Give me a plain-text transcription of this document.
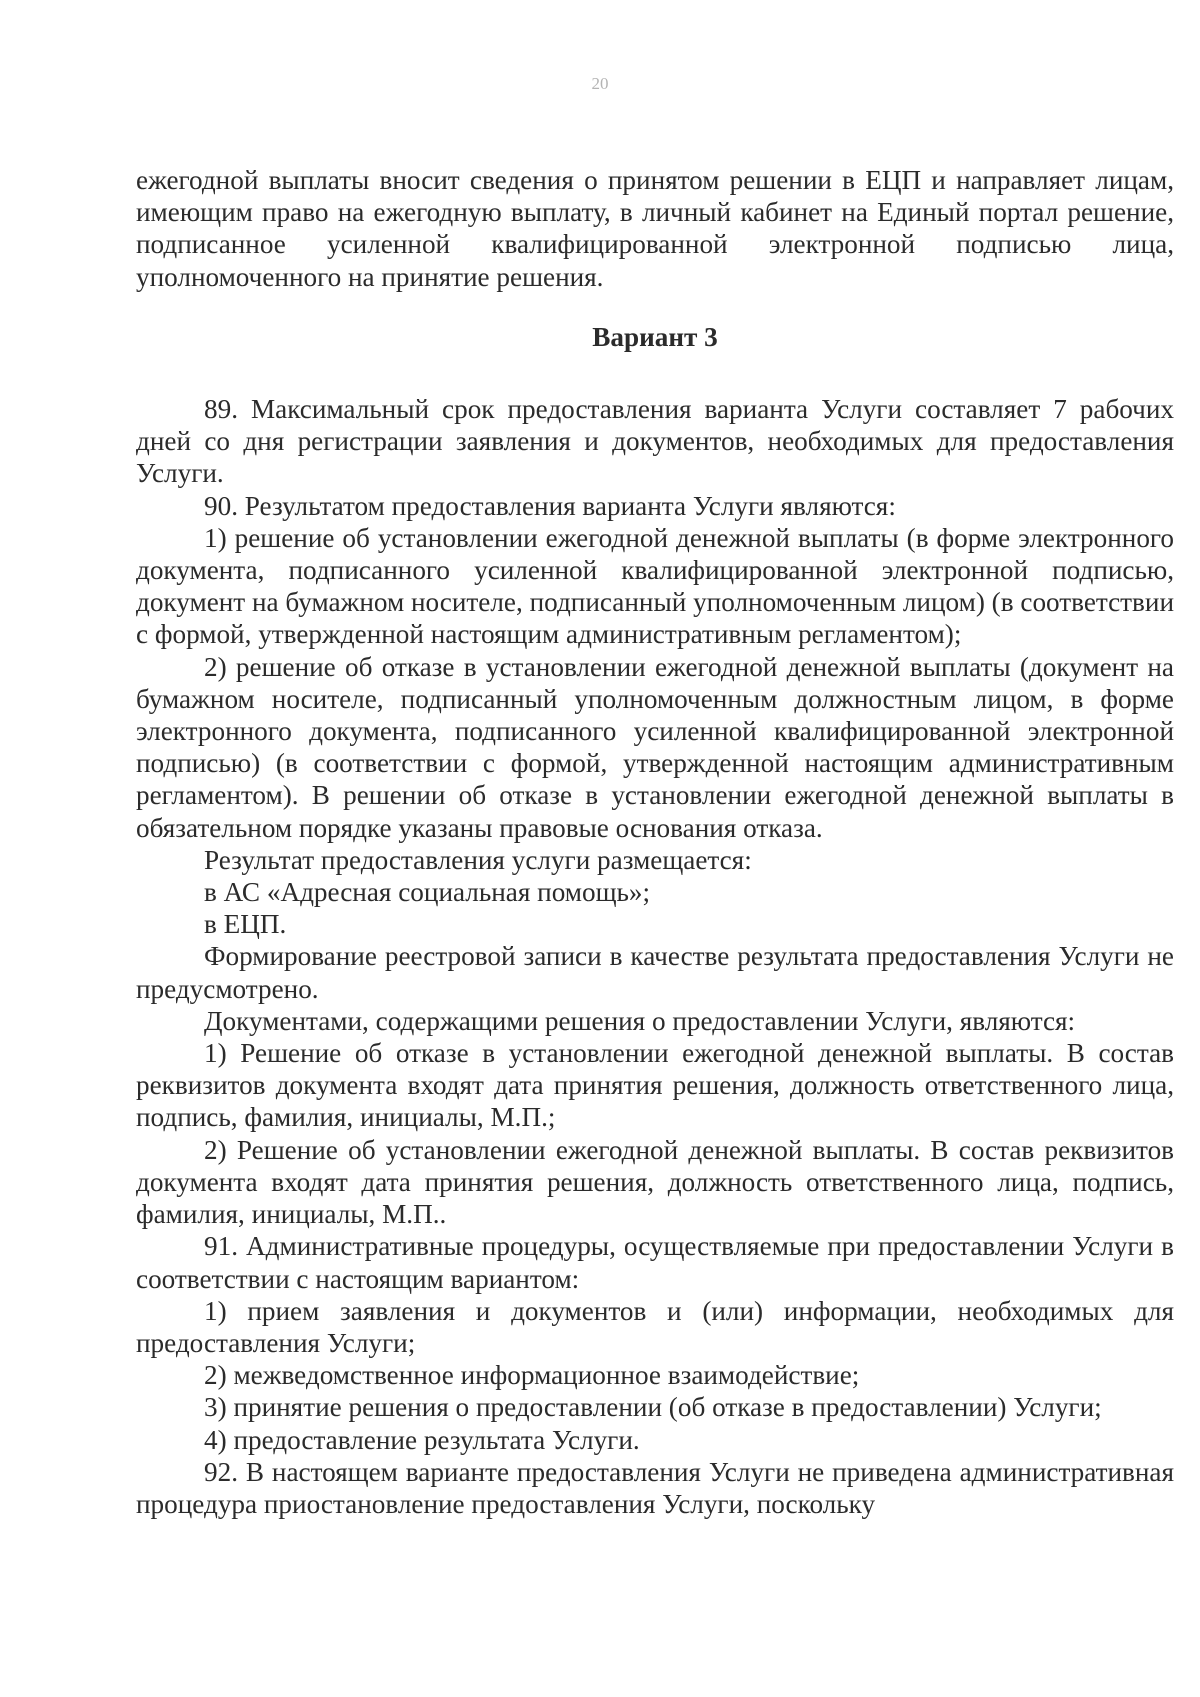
20

ежегодной выплаты вносит сведения о принятом решении в ЕЦП и направляет лицам, имеющим право на ежегодную выплату, в личный кабинет на Единый портал решение, подписанное усиленной квалифицированной электронной подписью лица, уполномоченного на принятие решения.

Вариант 3

89. Максимальный срок предоставления варианта Услуги составляет 7 рабочих дней со дня регистрации заявления и документов, необходимых для предоставления Услуги.

90. Результатом предоставления варианта Услуги являются:

1) решение об установлении ежегодной денежной выплаты (в форме электронного документа, подписанного усиленной квалифицированной электронной подписью, документ на бумажном носителе, подписанный уполномоченным лицом) (в соответствии с формой, утвержденной настоящим административным регламентом);

2) решение об отказе в установлении ежегодной денежной выплаты (документ на бумажном носителе, подписанный уполномоченным должностным лицом, в форме электронного документа, подписанного усиленной квалифицированной электронной подписью) (в соответствии с формой, утвержденной настоящим административным регламентом). В решении об отказе в установлении ежегодной денежной выплаты в обязательном порядке указаны правовые основания отказа.

Результат предоставления услуги размещается:

в АС «Адресная социальная помощь»;

в ЕЦП.

Формирование реестровой записи в качестве результата предоставления Услуги не предусмотрено.

Документами, содержащими решения о предоставлении Услуги, являются:

1) Решение об отказе в установлении ежегодной денежной выплаты. В состав реквизитов документа входят дата принятия решения, должность ответственного лица, подпись, фамилия, инициалы, М.П.;

2) Решение об установлении ежегодной денежной выплаты. В состав реквизитов документа входят дата принятия решения, должность ответственного лица, подпись, фамилия, инициалы, М.П..

91. Административные процедуры, осуществляемые при предоставлении Услуги в соответствии с настоящим вариантом:

1) прием заявления и документов и (или) информации, необходимых для предоставления Услуги;

2) межведомственное информационное взаимодействие;

3) принятие решения о предоставлении (об отказе в предоставлении) Услуги;

4) предоставление результата Услуги.

92. В настоящем варианте предоставления Услуги не приведена административная процедура приостановление предоставления Услуги, поскольку
